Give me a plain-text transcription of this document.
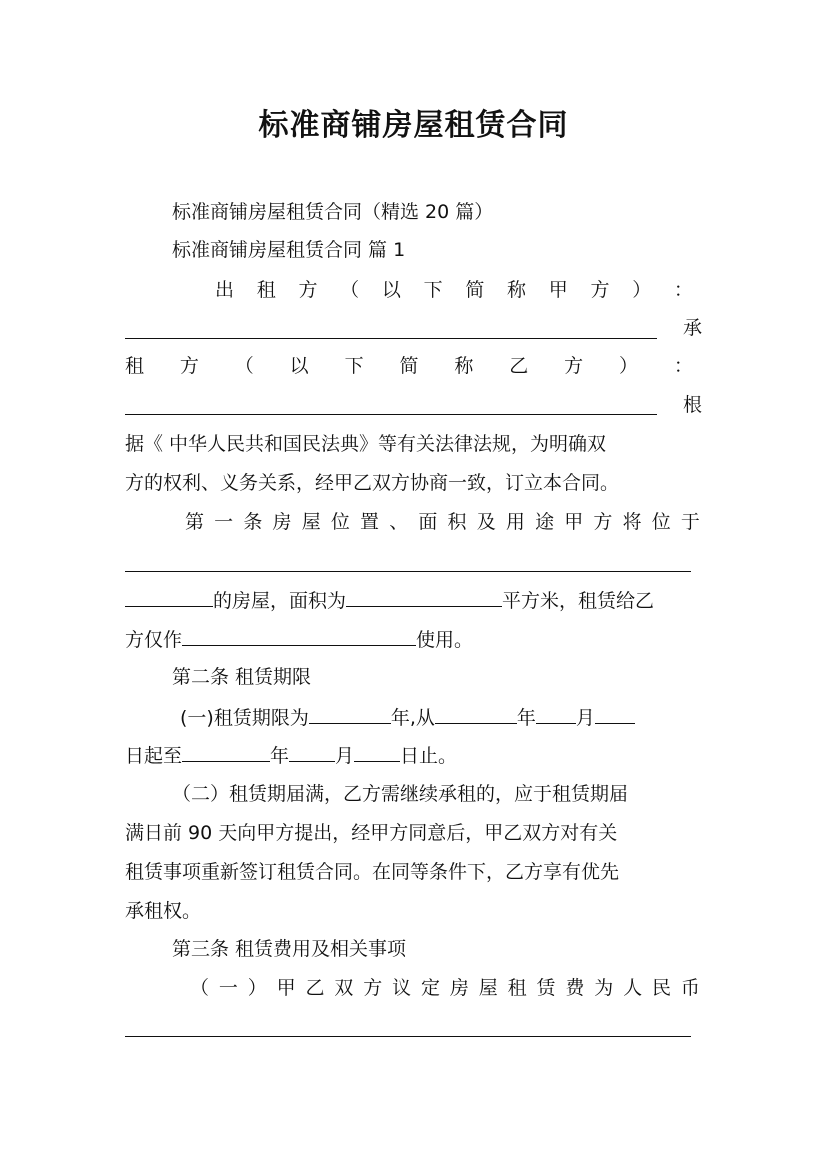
标准商铺房屋租赁合同
标准商铺房屋租赁合同（精选 20 篇）
标准商铺房屋租赁合同 篇 1
出 租 方 （ 以 下 简 称 甲 方 ） ：
承
租 方 （ 以 下 简 称 乙 方 ） ：
根
据《 中华人民共和国民法典》等有关法律法规，为明确双
方的权利、义务关系，经甲乙双方协商一致，订立本合同。
第 一 条 房 屋 位 置 、 面 积 及 用 途 甲 方 将 位 于
的房屋，面积为	平方米，租赁给乙
方仅作	使用。
第二条 租赁期限
(一)租赁期限为	年,从	年 月
日起至	年 月 日止。
（二）租赁期届满，乙方需继续承租的，应于租赁期届
满日前 90 天向甲方提出，经甲方同意后，甲乙双方对有关
租赁事项重新签订租赁合同。在同等条件下，乙方享有优先
承租权。
第三条 租赁费用及相关事项
（ 一 ） 甲 乙 双 方 议 定 房 屋 租 赁 费 为 人 民 币
